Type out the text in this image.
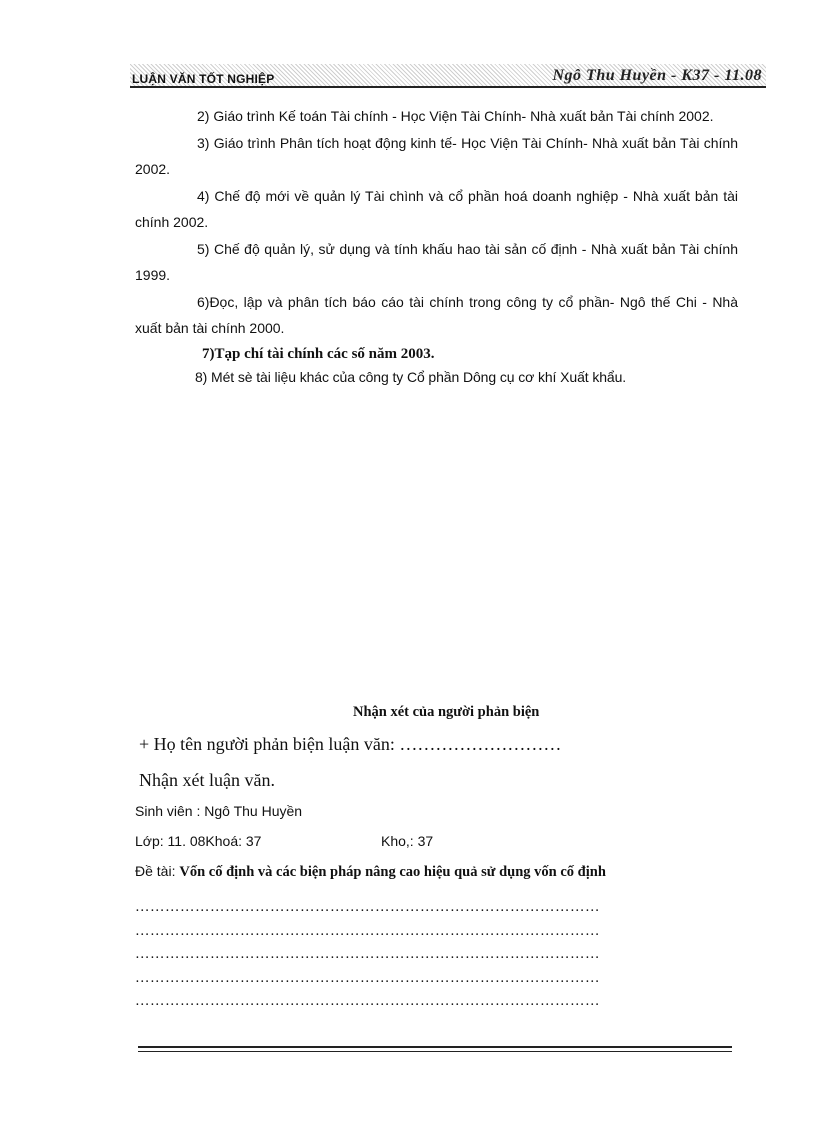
LUẬN VĂN TỐT NGHIỆP	Ngô Thu Huyền - K37 - 11.08

2) Giáo trình Kế toán Tài chính - Học Viện Tài Chính- Nhà xuất bản Tài chính 2002.

3) Giáo trình Phân tích hoạt động kinh tế- Học Viện Tài Chính- Nhà xuất bản Tài chính 2002.

4) Chế độ mới về quản lý Tài chình và cổ phần hoá doanh nghiệp - Nhà xuất bản tài chính 2002.

5) Chế độ quản lý, sử dụng và tính khấu hao tài sản cố định - Nhà xuất bản Tài chính 1999.

6)Đọc, lập và phân tích báo cáo tài chính trong công ty cổ phần- Ngô thế Chi - Nhà xuất bản tài chính 2000.

7)Tạp chí tài chính các số năm 2003.

8) Mét sè tài liệu khác của công ty Cổ phần Dông cụ cơ khí Xuất khẩu.

Nhận xét của người phản biện
+ Họ tên người phản biện luận văn: ………………………
Nhận xét luận văn.
Sinh viên : Ngô Thu Huyền
Lớp: 11. 08Khoá: 37	Kho,: 37
Đề tài: Vốn cố định và các biện pháp nâng cao hiệu quả sử dụng vốn cố định
…………………………………………………………………………………
…………………………………………………………………………………
…………………………………………………………………………………
…………………………………………………………………………………
…………………………………………………………………………………
